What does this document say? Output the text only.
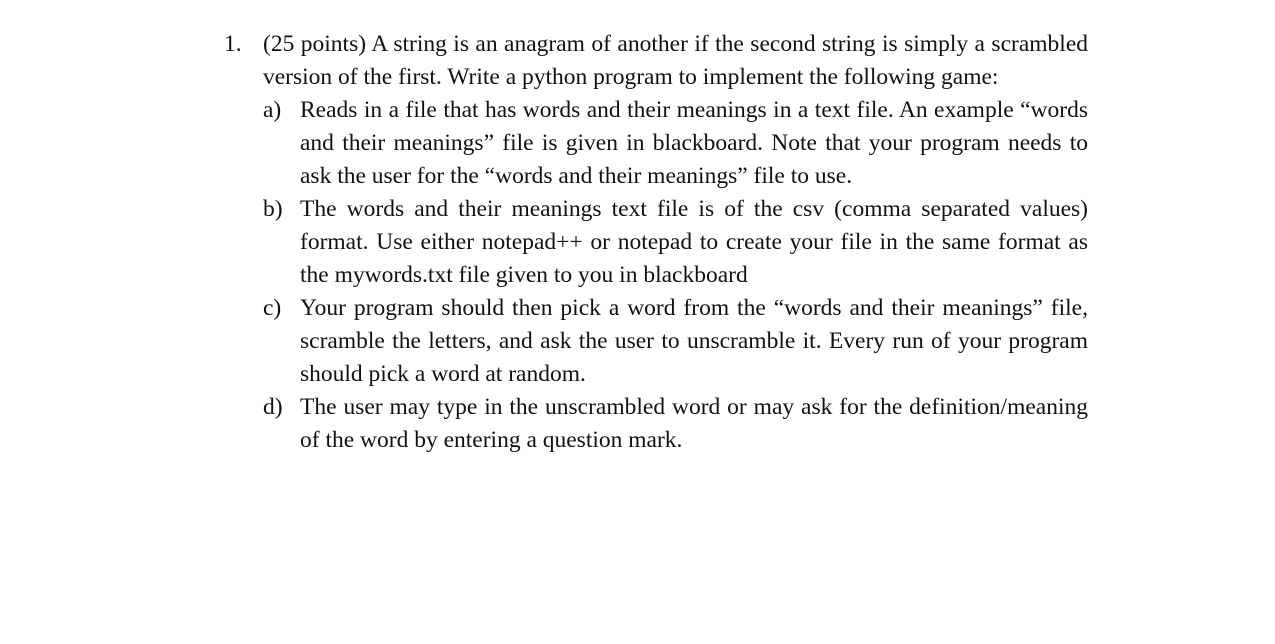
1. (25 points) A string is an anagram of another if the second string is simply a scrambled version of the first. Write a python program to implement the following game:
a) Reads in a file that has words and their meanings in a text file. An example “words and their meanings” file is given in blackboard. Note that your program needs to ask the user for the “words and their meanings” file to use.
b) The words and their meanings text file is of the csv (comma separated values) format. Use either notepad++ or notepad to create your file in the same format as the mywords.txt file given to you in blackboard
c) Your program should then pick a word from the “words and their meanings” file, scramble the letters, and ask the user to unscramble it. Every run of your program should pick a word at random.
d) The user may type in the unscrambled word or may ask for the definition/meaning of the word by entering a question mark.
